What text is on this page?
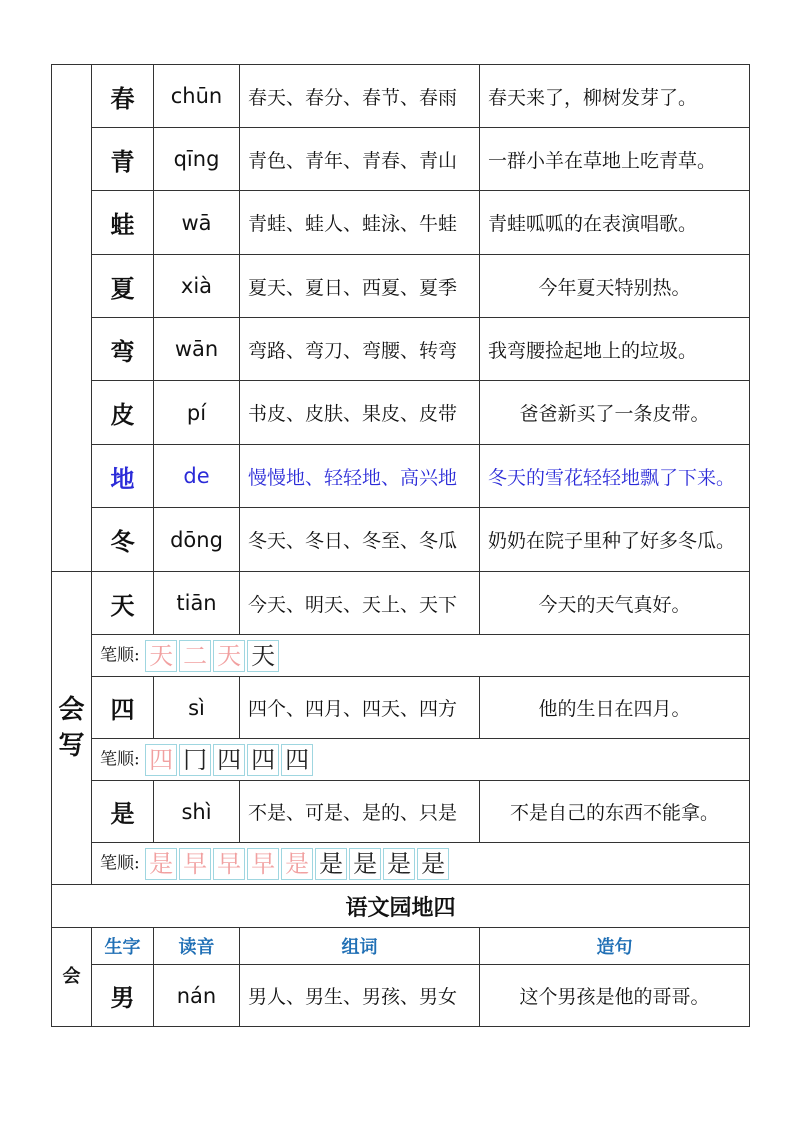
	春	chūn	春天、春分、春节、春雨	春天来了，柳树发芽了。
	青	qīng	青色、青年、青春、青山	一群小羊在草地上吃青草。
	蛙	wā	青蛙、蛙人、蛙泳、牛蛙	青蛙呱呱的在表演唱歌。
	夏	xià	夏天、夏日、西夏、夏季	今年夏天特别热。
	弯	wān	弯路、弯刀、弯腰、转弯	我弯腰捡起地上的垃圾。
	皮	pí	书皮、皮肤、果皮、皮带	爸爸新买了一条皮带。
	地	de	慢慢地、轻轻地、高兴地	冬天的雪花轻轻地飘了下来。
	冬	dōng	冬天、冬日、冬至、冬瓜	奶奶在院子里种了好多冬瓜。
会写	天	tiān	今天、明天、天上、天下	今天的天气真好。
	笔顺: 天 二 天 天			
	四	sì	四个、四月、四天、四方	他的生日在四月。
	笔顺: 四 冂 四 四 四			
	是	shì	不是、可是、是的、只是	不是自己的东西不能拿。
	笔顺: 是 早 早 早 是 是 是 是 是			
语文园地四				
会	生字	读音	组词	造句
	男	nán	男人、男生、男孩、男女	这个男孩是他的哥哥。
